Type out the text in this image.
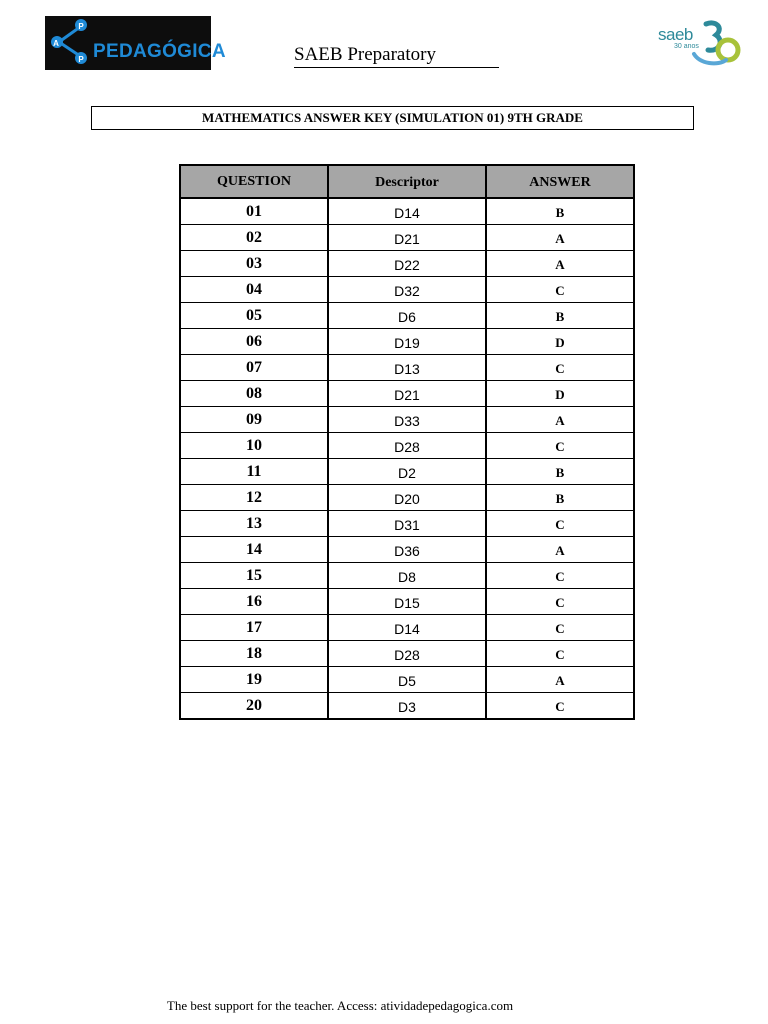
A
P
P PEDAGÓGICA	SAEB Preparatory
saeb
30 anos
MATHEMATICS ANSWER KEY (SIMULATION 01) 9TH GRADE
QUESTION	Descriptor	ANSWER
01	D14	B
02	D21	A
03	D22	A
04	D32	C
05	D6	B
06	D19	D
07	D13	C
08	D21	D
09	D33	A
10	D28	C
11	D2	B
12	D20	B
13	D31	C
14	D36	A
15	D8	C
16	D15	C
17	D14	C
18	D28	C
19	D5	A
20	D3	C
The best support for the teacher. Access: atividadepedagogica.com
